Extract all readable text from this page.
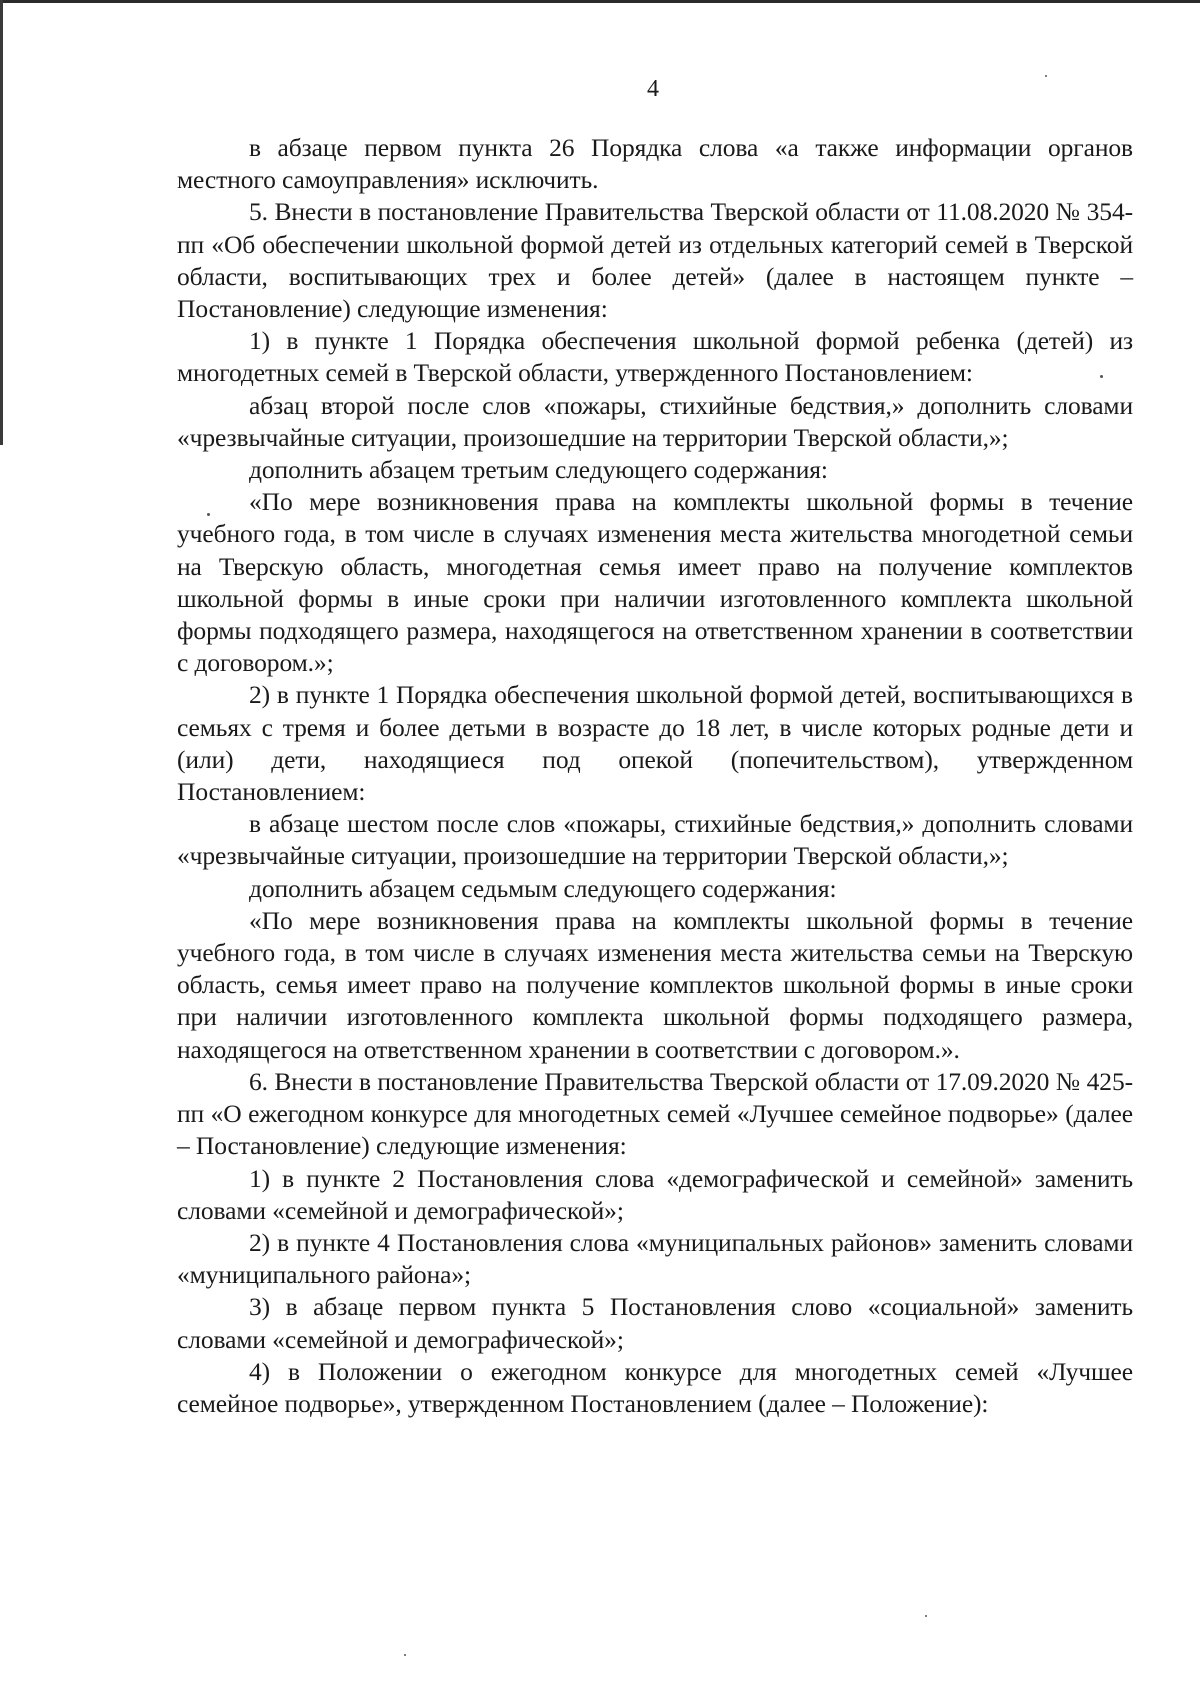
4

в абзаце первом пункта 26 Порядка слова «а также информации органов местного самоуправления» исключить.

5. Внести в постановление Правительства Тверской области от 11.08.2020 № 354-пп «Об обеспечении школьной формой детей из отдельных категорий семей в Тверской области, воспитывающих трех и более детей» (далее в настоящем пункте – Постановление) следующие изменения:

1) в пункте 1 Порядка обеспечения школьной формой ребенка (детей) из многодетных семей в Тверской области, утвержденного Постановлением:

абзац второй после слов «пожары, стихийные бедствия,» дополнить словами «чрезвычайные ситуации, произошедшие на территории Тверской области,»;

дополнить абзацем третьим следующего содержания:

«По мере возникновения права на комплекты школьной формы в течение учебного года, в том числе в случаях изменения места жительства многодетной семьи на Тверскую область, многодетная семья имеет право на получение комплектов школьной формы в иные сроки при наличии изготовленного комплекта школьной формы подходящего размера, находящегося на ответственном хранении в соответствии с договором.»;

2) в пункте 1 Порядка обеспечения школьной формой детей, воспитывающихся в семьях с тремя и более детьми в возрасте до 18 лет, в числе которых родные дети и (или) дети, находящиеся под опекой (попечительством), утвержденном Постановлением:

в абзаце шестом после слов «пожары, стихийные бедствия,» дополнить словами «чрезвычайные ситуации, произошедшие на территории Тверской области,»;

дополнить абзацем седьмым следующего содержания:

«По мере возникновения права на комплекты школьной формы в течение учебного года, в том числе в случаях изменения места жительства семьи на Тверскую область, семья имеет право на получение комплектов школьной формы в иные сроки при наличии изготовленного комплекта школьной формы подходящего размера, находящегося на ответственном хранении в соответствии с договором.».

6. Внести в постановление Правительства Тверской области от 17.09.2020 № 425-пп «О ежегодном конкурсе для многодетных семей «Лучшее семейное подворье» (далее – Постановление) следующие изменения:

1) в пункте 2 Постановления слова «демографической и семейной» заменить словами «семейной и демографической»;

2) в пункте 4 Постановления слова «муниципальных районов» заменить словами «муниципального района»;

3) в абзаце первом пункта 5 Постановления слово «социальной» заменить словами «семейной и демографической»;

4) в Положении о ежегодном конкурсе для многодетных семей «Лучшее семейное подворье», утвержденном Постановлением (далее – Положение):
